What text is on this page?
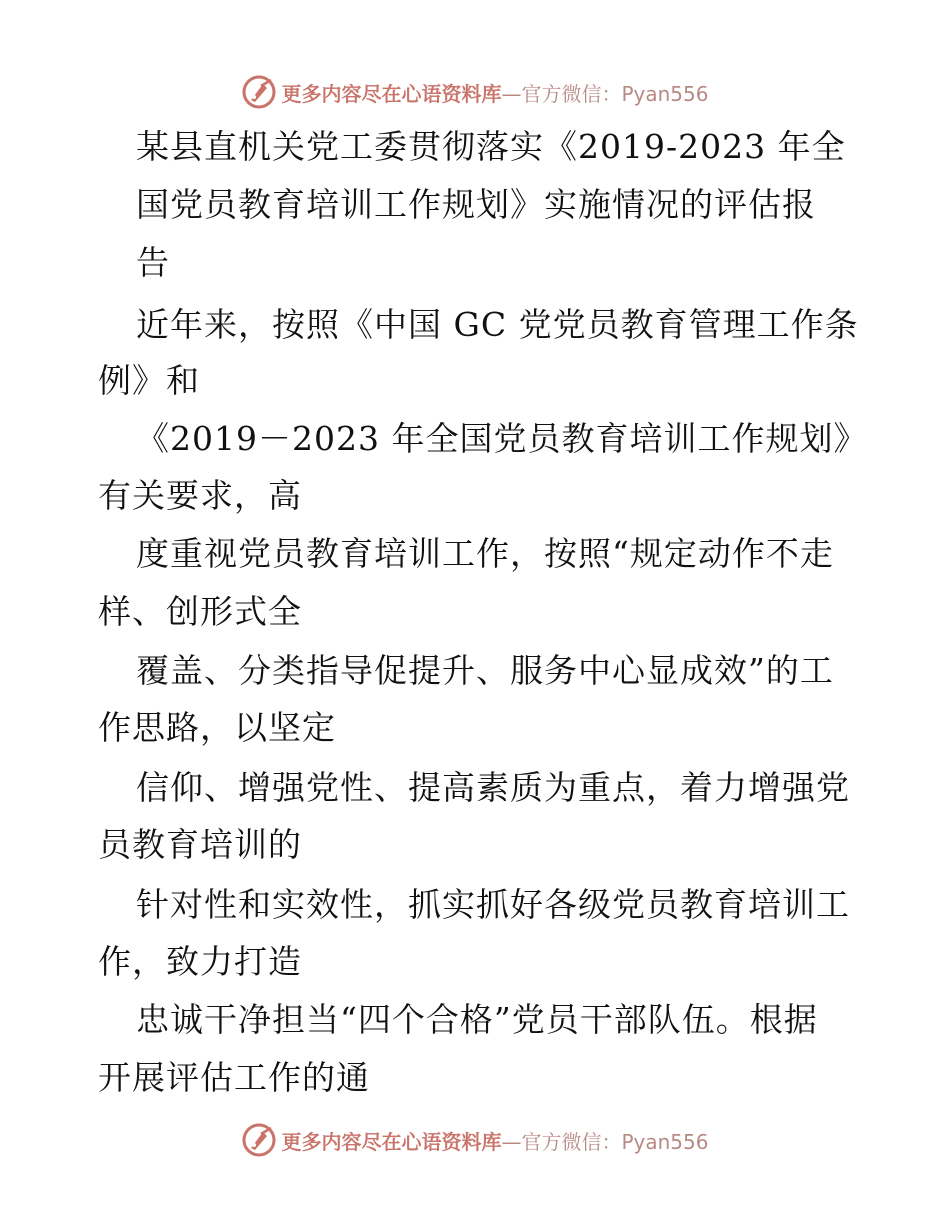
更多内容尽在心语资料库—官方微信：Pyan556
某县直机关党工委贯彻落实《2019-2023 年全
国党员教育培训工作规划》实施情况的评估报
告
近年来，按照《中国 GC 党党员教育管理工作条
例》和
《2019－2023 年全国党员教育培训工作规划》
有关要求，高
度重视党员教育培训工作，按照“规定动作不走
样、创形式全
覆盖、分类指导促提升、服务中心显成效”的工
作思路，以坚定
信仰、增强党性、提高素质为重点，着力增强党
员教育培训的
针对性和实效性，抓实抓好各级党员教育培训工
作，致力打造
忠诚干净担当“四个合格”党员干部队伍。根据
开展评估工作的通
更多内容尽在心语资料库—官方微信：Pyan556
